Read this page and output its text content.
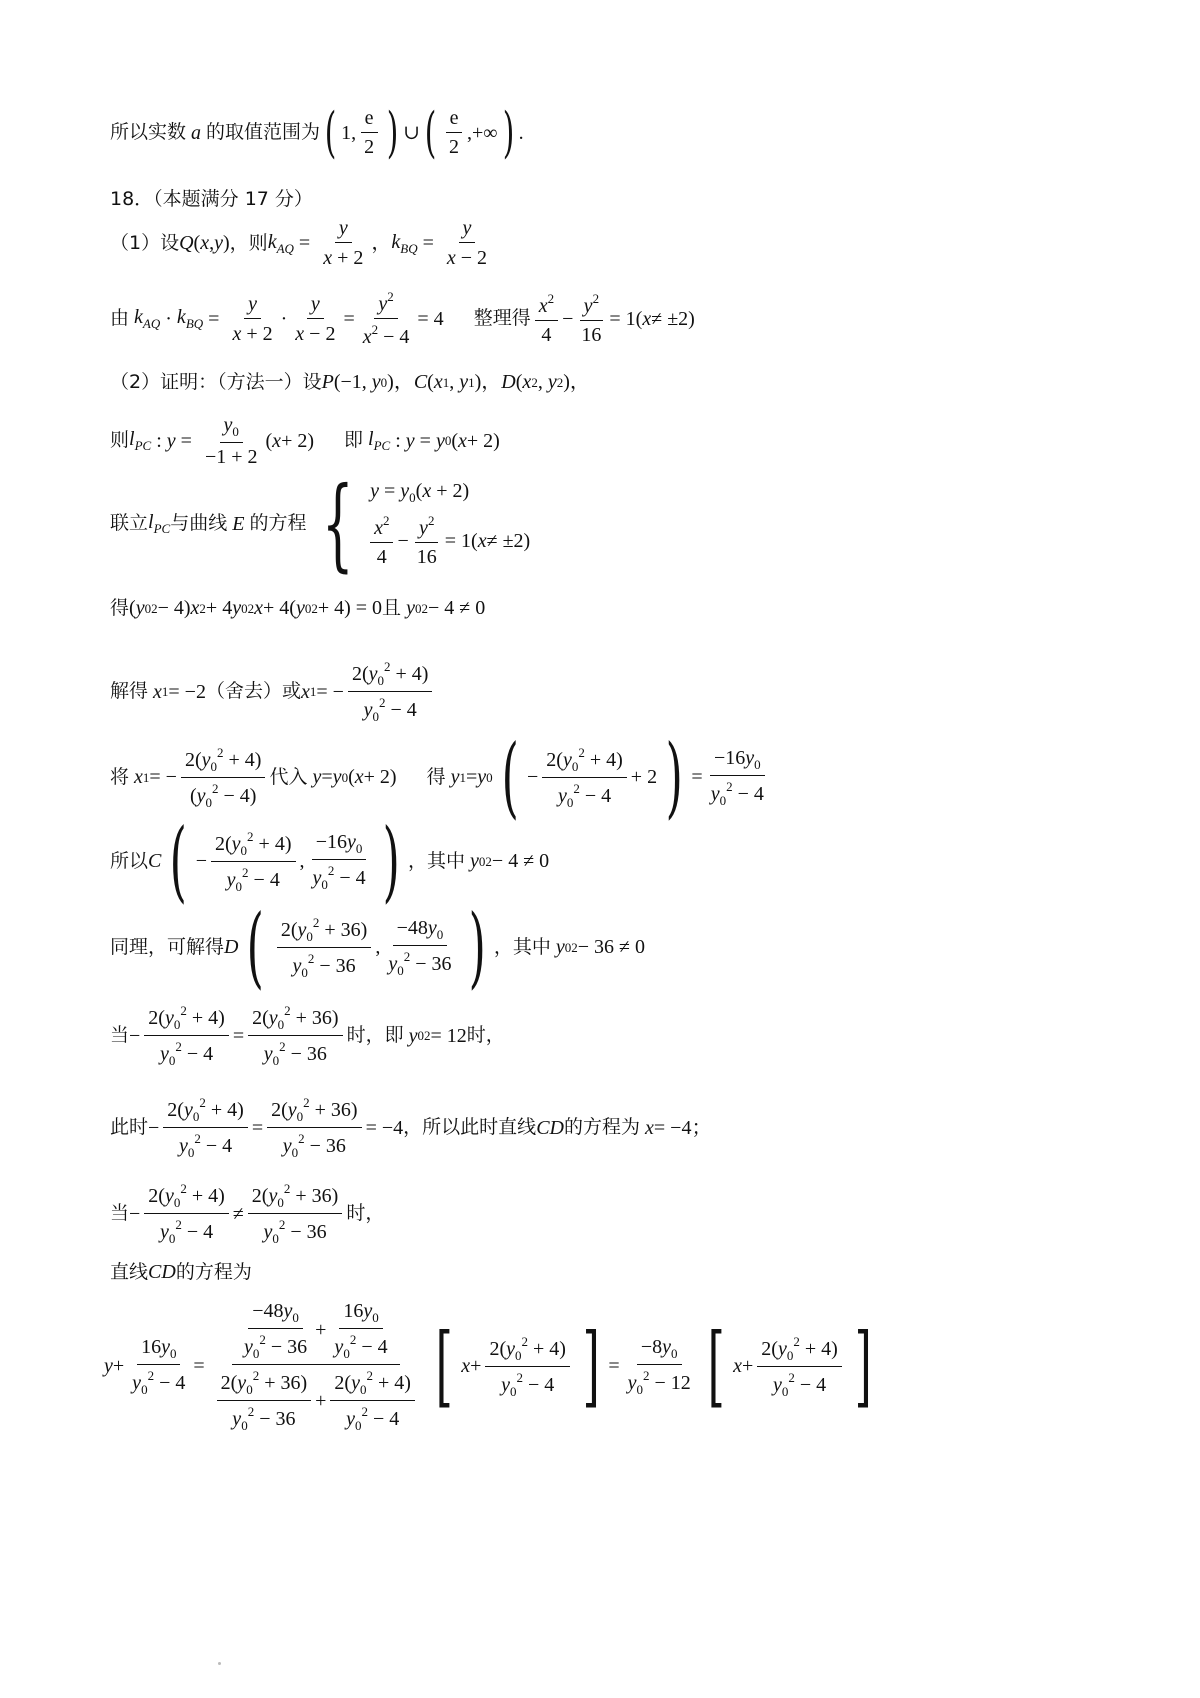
所以实数 a 的取值范围为 ( 1, $\frac{e}{2}$ ) ∪ ( $\frac{e}{2}$ ,+∞ ) .
18．（本题满分 17 分）
（1）设 Q ( x , y ) ，则 $k_{AQ} = \frac{y}{x + 2}$ ， $k_{BQ} = \frac{y}{x - 2}$
由 $k_{AQ} \cdot k_{BQ} = \frac{y}{x + 2} \cdot \frac{y}{x - 2} = \frac{y^2}{x^2 - 4} = 4$ 整理得 $\frac{x^2}{4} - \frac{y^2}{16} = 1$( x ≠ ±2)
（2）证明：（方法一）设 P (−1, y 0 )， C ( x 1 , y 1 )， D ( x 2 , y 2 )，
则 $l_{PC}$ : $y = \frac{y_0}{-1 + 2}$ ( x + 2) 即 $l_{PC}$ : y = y 0 ( x + 2)
联立 $l_{PC}$ 与曲线 E 的方程 { $y = y_0(x + 2)$
$\frac{x^2}{4} - \frac{y^2}{16} = 1$( x ≠ ±2)
得 ( y 0 2 − 4) x 2 + 4 y 0 2 x + 4( y 0 2 + 4) = 0 且 y 0 2 − 4 ≠ 0
解得 x 1 = −2 （舍去）或 x 1 = − $\frac{2(y_0^2 + 4)}{y_0^2 - 4}$
将 x 1 = − $\frac{2(y_0^2 + 4)}{(y_0^2 - 4)}$ 代入 y = y 0 ( x + 2) 得 y 1 = y 0 ( − $\frac{2(y_0^2 + 4)}{y_0^2 - 4} + 2$ ) = $\frac{-16y_0}{y_0^2 - 4}$
所以 C ( − $\frac{2(y_0^2 + 4)}{y_0^2 - 4}$ , $\frac{-16y_0}{y_0^2 - 4}$ ) ，其中 y 0 2 − 4 ≠ 0
同理，可解得 D ( $\frac{2(y_0^2 + 36)}{y_0^2 - 36}$ , $\frac{-48y_0}{y_0^2 - 36}$ ) ，其中 y 0 2 − 36 ≠ 0
当 − $\frac{2(y_0^2 + 4)}{y_0^2 - 4} = \frac{2(y_0^2 + 36)}{y_0^2 - 36}$ 时，即 y 0 2 = 12 时，
此时 − $\frac{2(y_0^2 + 4)}{y_0^2 - 4} = \frac{2(y_0^2 + 36)}{y_0^2 - 36} = -4$ ，所以此时直线 CD 的方程为 x = −4；
当 − $\frac{2(y_0^2 + 4)}{y_0^2 - 4} \ne \frac{2(y_0^2 + 36)}{y_0^2 - 36}$ 时，
直线 CD 的方程为
$y + \frac{16y_0}{y_0^2 - 4} = \frac{\frac{-48y_0}{y_0^2 - 36} + \frac{16y_0}{y_0^2 - 4}}{\frac{2(y_0^2 + 36)}{y_0^2 - 36} + \frac{2(y_0^2 + 4)}{y_0^2 - 4}}$ [ $x + \frac{2(y_0^2 + 4)}{y_0^2 - 4}$ ] = $\frac{-8y_0}{y_0^2 - 12}$ [ $x + \frac{2(y_0^2 + 4)}{y_0^2 - 4}$ ]
